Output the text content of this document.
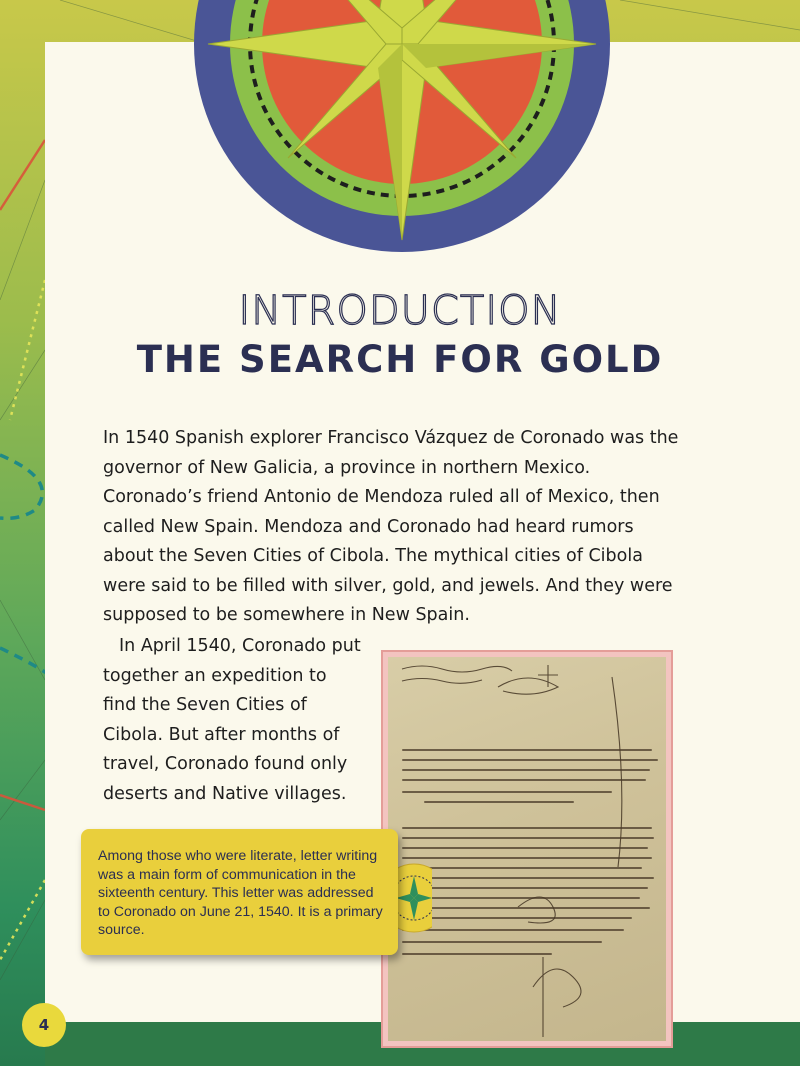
INTRODUCTION
THE SEARCH FOR GOLD

In 1540 Spanish explorer Francisco Vázquez de Coronado was the governor of New Galicia, a province in northern Mexico. Coronado’s friend Antonio de Mendoza ruled all of Mexico, then called New Spain. Mendoza and Coronado had heard rumors about the Seven Cities of Cibola. The mythical cities of Cibola were said to be filled with silver, gold, and jewels. And they were supposed to be somewhere in New Spain.

In April 1540, Coronado put together an expedition to find the Seven Cities of Cibola. But after months of travel, Coronado found only deserts and Native villages.

Among those who were literate, letter writing was a main form of communication in the sixteenth century. This letter was addressed to Coronado on June 21, 1540. It is a primary source.

4
